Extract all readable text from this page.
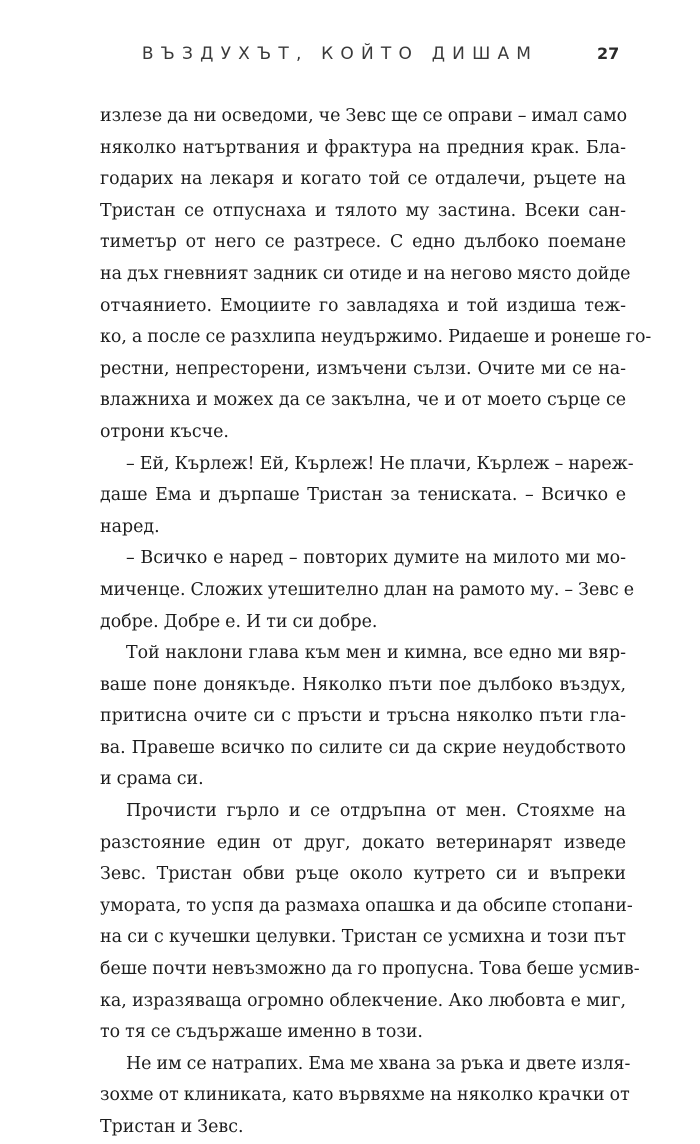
ВЪЗДУХЪТ, КОЙТО ДИШАМ	27
излезе да ни осведоми, че Зевс ще се оправи – имал само
няколко натъртвания и фрактура на предния крак. Бла-
годарих на лекаря и когато той се отдалечи, ръцете на
Тристан се отпуснаха и тялото му застина. Всеки сан-
тиметър от него се разтресе. С едно дълбоко поемане
на дъх гневният задник си отиде и на негово място дойде
отчаянието. Емоциите го завладяха и той издиша теж-
ко, а после се разхлипа неудържимо. Ридаеше и ронеше го-
рестни, непресторени, измъчени сълзи. Очите ми се на-
влажниха и можех да се закълна, че и от моето сърце се
отрони късче.
– Ей, Кърлеж! Ей, Кърлеж! Не плачи, Кърлеж – нареж-
даше Ема и дърпаше Тристан за тениската. – Всичко е
наред.
– Всичко е наред – повторих думите на милото ми мо-
миченце. Сложих утешително длан на рамото му. – Зевс е
добре. Добре е. И ти си добре.
Той наклони глава към мен и кимна, все едно ми вяр-
ваше поне донякъде. Няколко пъти пое дълбоко въздух,
притисна очите си с пръсти и тръсна няколко пъти гла-
ва. Правеше всичко по силите си да скрие неудобството
и срама си.
Прочисти гърло и се отдръпна от мен. Стояхме на
разстояние един от друг, докато ветеринарят изведе
Зевс. Тристан обви ръце около кутрето си и въпреки
умората, то успя да размаха опашка и да обсипе стопани-
на си с кучешки целувки. Тристан се усмихна и този път
беше почти невъзможно да го пропусна. Това беше усмив-
ка, изразяваща огромно облекчение. Ако любовта е миг,
то тя се съдържаше именно в този.
Не им се натрапих. Ема ме хвана за ръка и двете изля-
зохме от клиниката, като вървяхме на няколко крачки от
Тристан и Зевс.
